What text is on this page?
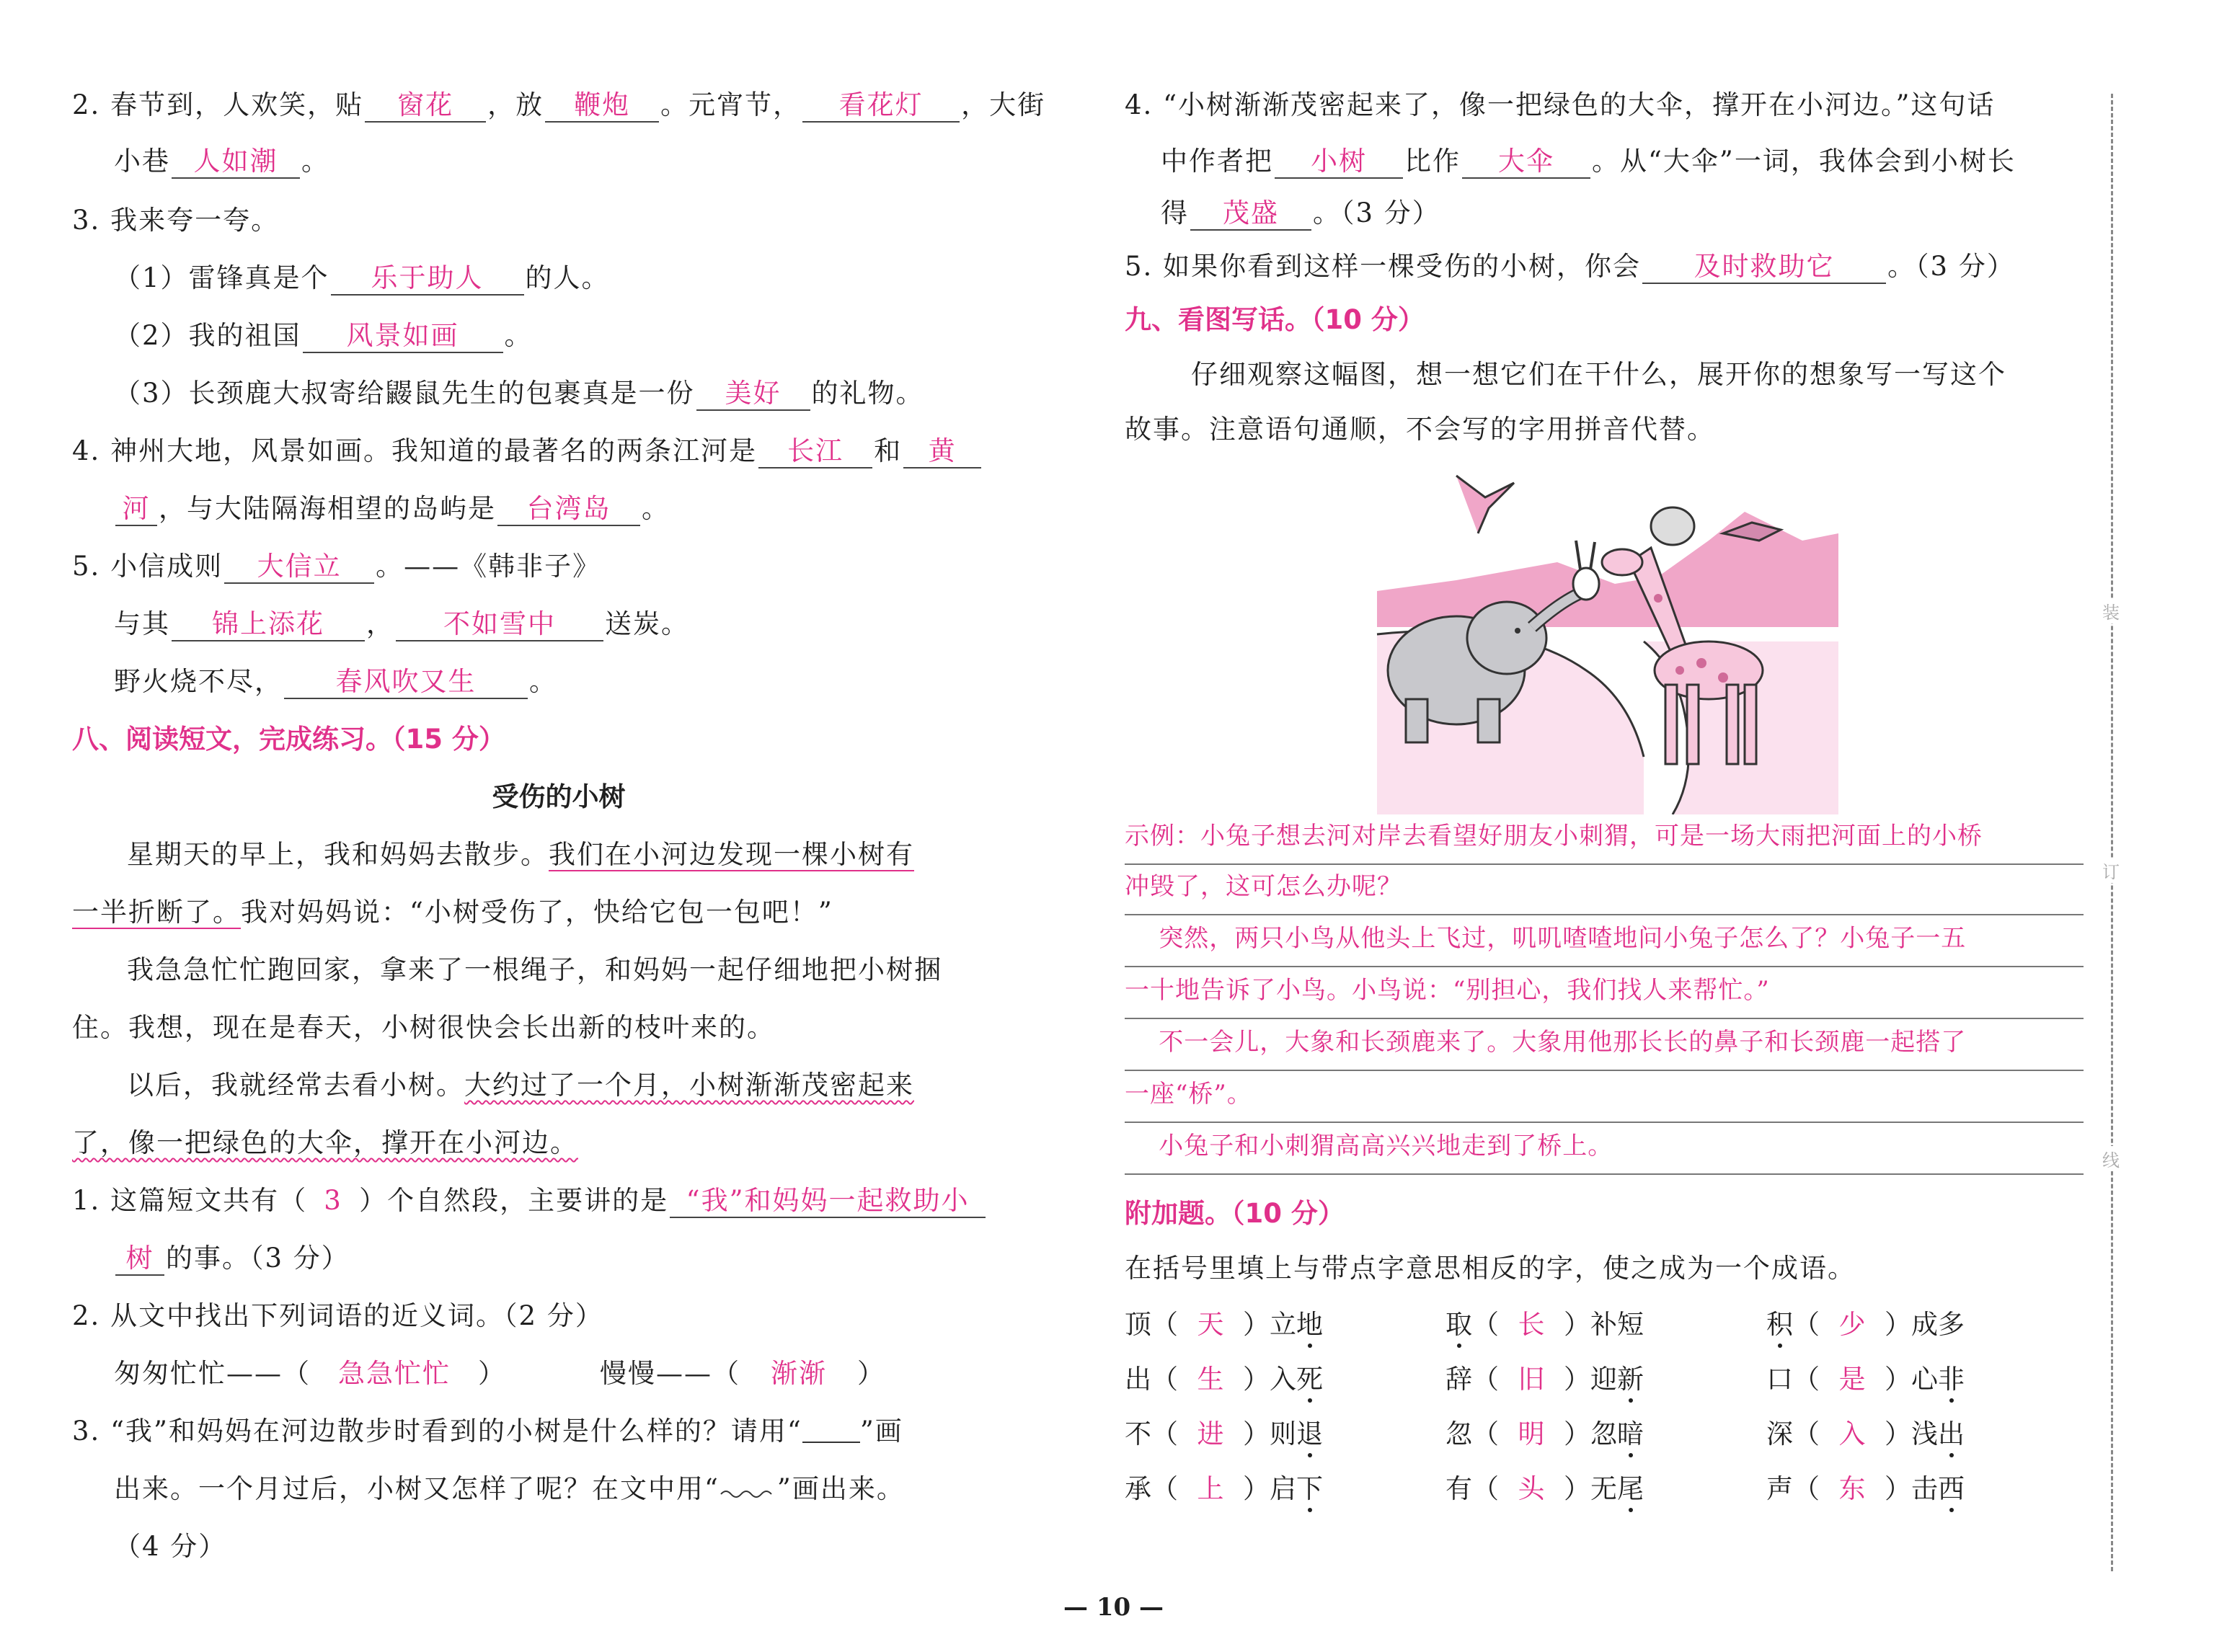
2. 春节到，人欢笑，贴 窗花 ，放 鞭炮 。元宵节， 看花灯 ，大街
小巷 人如潮 。
3. 我来夸一夸。
（1）雷锋真是个 乐于助人 的人。
（2）我的祖国 风景如画 。
（3）长颈鹿大叔寄给鼹鼠先生的包裹真是一份 美好 的礼物。
4. 神州大地，风景如画。我知道的最著名的两条江河是 长江 和 黄
河 ，与大陆隔海相望的岛屿是 台湾岛 。
5. 小信成则 大信立 。——《韩非子》
与其 锦上添花 ， 不如雪中 送炭。
野火烧不尽， 春风吹又生 。
八、阅读短文，完成练习。（15 分）
受伤的小树
星期天的早上，我和妈妈去散步。我们在小河边发现一棵小树有
一半折断了。我对妈妈说：“小树受伤了，快给它包一包吧！”
我急急忙忙跑回家，拿来了一根绳子，和妈妈一起仔细地把小树捆
住。我想，现在是春天，小树很快会长出新的枝叶来的。
以后，我就经常去看小树。大约过了一个月，小树渐渐茂密起来
了，像一把绿色的大伞，撑开在小河边。
1. 这篇短文共有（ 3 ）个自然段，主要讲的是 “我”和妈妈一起救助小
树 的事。（3 分）
2. 从文中找出下列词语的近义词。（2 分）
匆匆忙忙——（ 急急忙忙 ）	慢慢——（ 渐渐 ）
3. “我”和妈妈在河边散步时看到的小树是什么样的？请用“ ”画
出来。一个月过后，小树又怎样了呢？在文中用“ ”画出来。
（4 分）
4. “小树渐渐茂密起来了，像一把绿色的大伞，撑开在小河边。”这句话
中作者把 小树 比作 大伞 。从“大伞”一词，我体会到小树长
得 茂盛 。（3 分）
5. 如果你看到这样一棵受伤的小树，你会 及时救助它 。（3 分）
九、看图写话。（10 分）
仔细观察这幅图，想一想它们在干什么，展开你的想象写一写这个
故事。注意语句通顺，不会写的字用拼音代替。
示例：小兔子想去河对岸去看望好朋友小刺猬，可是一场大雨把河面上的小桥
冲毁了，这可怎么办呢？
突然，两只小鸟从他头上飞过，叽叽喳喳地问小兔子怎么了？小兔子一五
一十地告诉了小鸟。小鸟说：“别担心，我们找人来帮忙。”
不一会儿，大象和长颈鹿来了。大象用他那长长的鼻子和长颈鹿一起搭了
一座“桥”。
小兔子和小刺猬高高兴兴地走到了桥上。
附加题。（10 分）
在括号里填上与带点字意思相反的字，使之成为一个成语。
顶（ 天 ）立地	取（ 长 ）补短	积（ 少 ）成多
出（ 生 ）入死	辞（ 旧 ）迎新	口（ 是 ）心非
不（ 进 ）则退	忽（ 明 ）忽暗	深（ 入 ）浅出
承（ 上 ）启下	有（ 头 ）无尾	声（ 东 ）击西
装
订
线
— 10 —
